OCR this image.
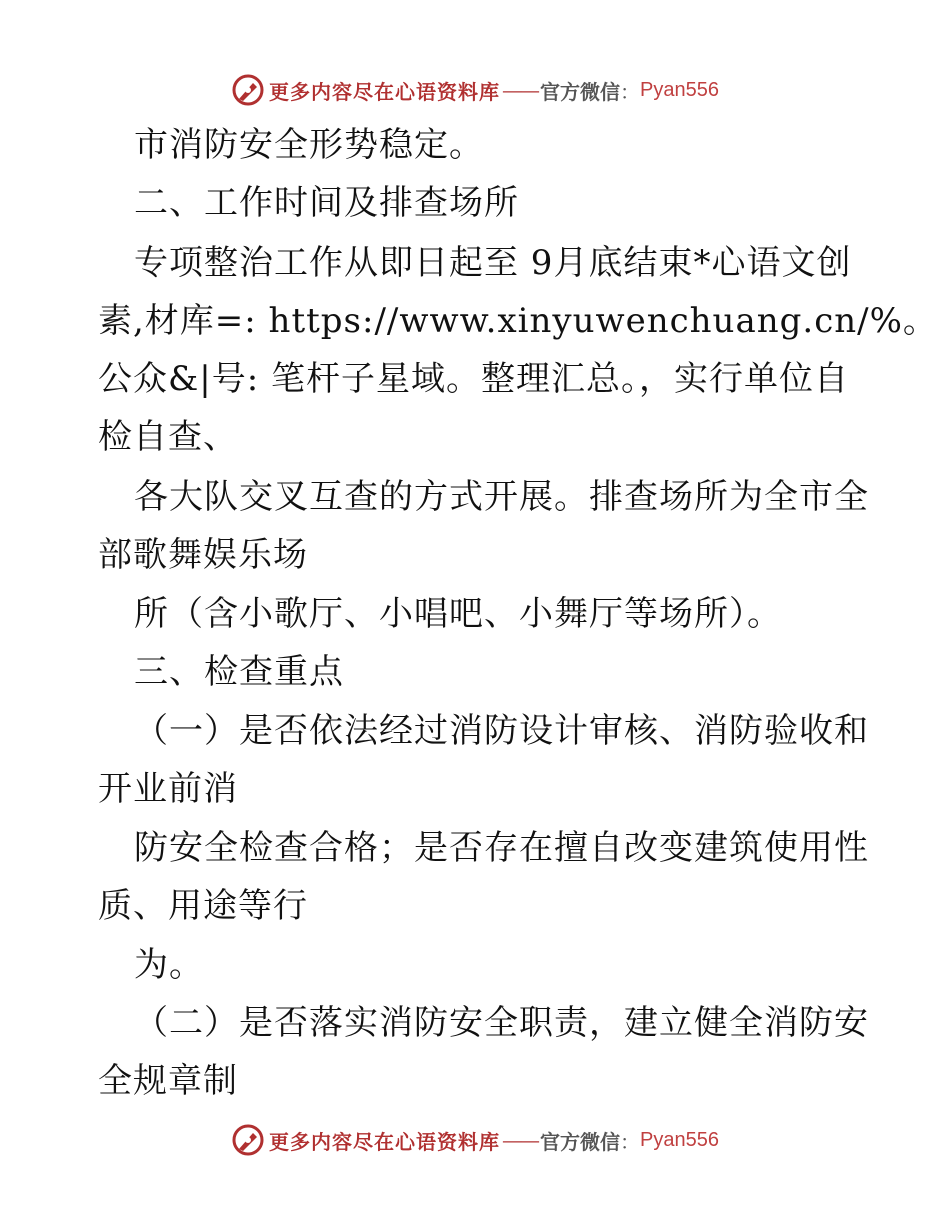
更多内容尽在心语资料库 —— 官方微信 ： Pyan556
市消防安全形势稳定。
二、工作时间及排查场所
专项整治工作从即日起至 9月底结束*心语文创
素,材库=: https://www.xinyuwenchuang.cn/%。
公众&|号: 笔杆子星域。整理汇总。，实行单位自
检自查、
各大队交叉互查的方式开展。排查场所为全市全
部歌舞娱乐场
所（含小歌厅、小唱吧、小舞厅等场所）。
三、检查重点
（一）是否依法经过消防设计审核、消防验收和
开业前消
防安全检查合格；是否存在擅自改变建筑使用性
质、用途等行
为。
（二）是否落实消防安全职责，建立健全消防安
全规章制
更多内容尽在心语资料库 —— 官方微信 ： Pyan556
